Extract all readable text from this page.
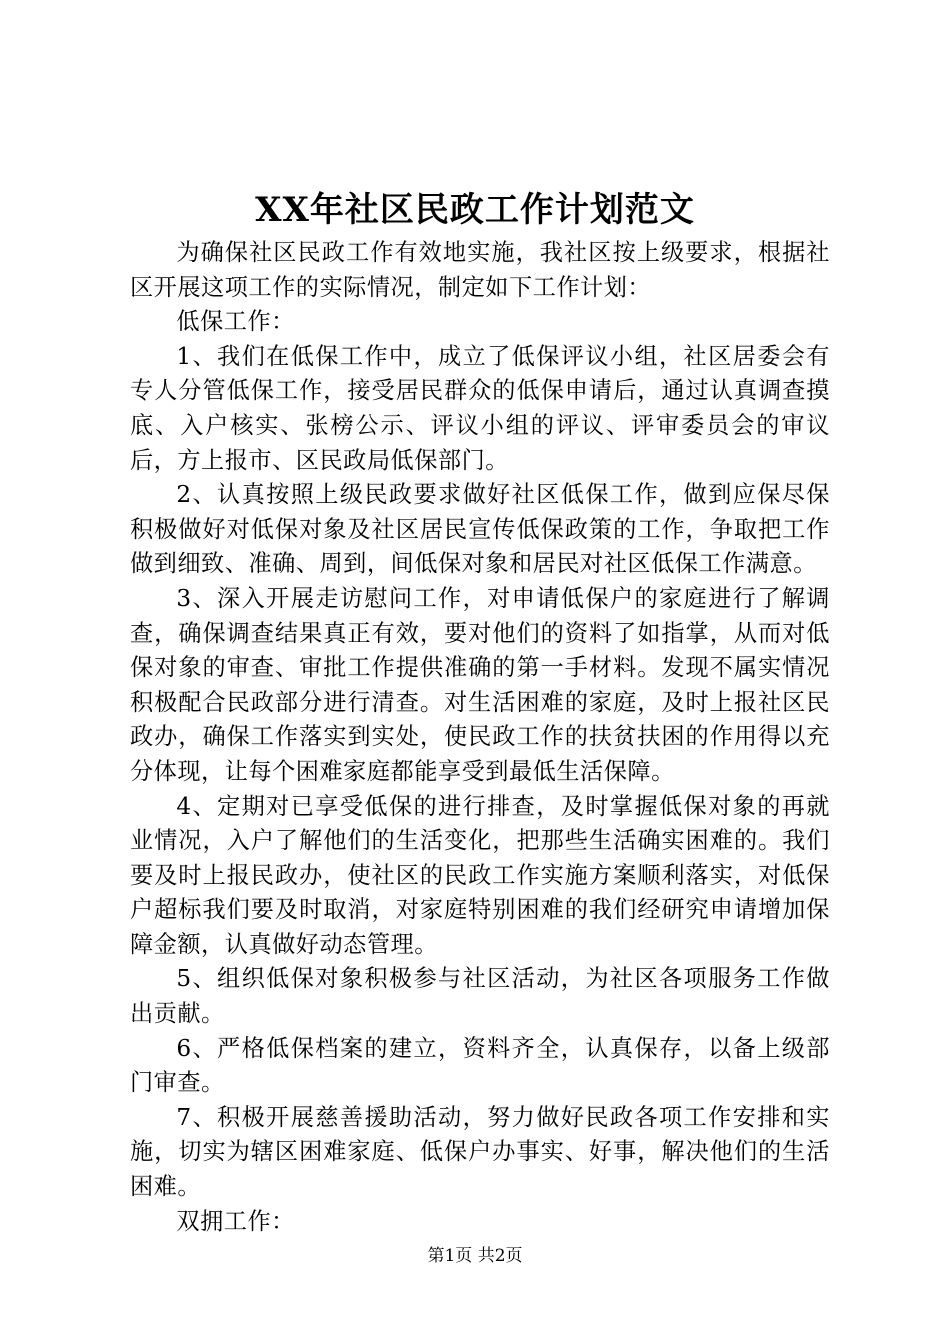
XX年社区民政工作计划范文

为确保社区民政工作有效地实施，我社区按上级要求，根据社区开展这项工作的实际情况，制定如下工作计划：

低保工作：

1、我们在低保工作中，成立了低保评议小组，社区居委会有专人分管低保工作，接受居民群众的低保申请后，通过认真调查摸底、入户核实、张榜公示、评议小组的评议、评审委员会的审议后，方上报市、区民政局低保部门。

2、认真按照上级民政要求做好社区低保工作，做到应保尽保积极做好对低保对象及社区居民宣传低保政策的工作，争取把工作做到细致、准确、周到，间低保对象和居民对社区低保工作满意。

3、深入开展走访慰问工作，对申请低保户的家庭进行了解调查，确保调查结果真正有效，要对他们的资料了如指掌，从而对低保对象的审查、审批工作提供准确的第一手材料。发现不属实情况积极配合民政部分进行清查。对生活困难的家庭，及时上报社区民政办，确保工作落实到实处，使民政工作的扶贫扶困的作用得以充分体现，让每个困难家庭都能享受到最低生活保障。

4、定期对已享受低保的进行排查，及时掌握低保对象的再就业情况，入户了解他们的生活变化，把那些生活确实困难的。我们要及时上报民政办，使社区的民政工作实施方案顺利落实，对低保户超标我们要及时取消，对家庭特别困难的我们经研究申请增加保障金额，认真做好动态管理。

5、组织低保对象积极参与社区活动，为社区各项服务工作做出贡献。

6、严格低保档案的建立，资料齐全，认真保存，以备上级部门审查。

7、积极开展慈善援助活动，努力做好民政各项工作安排和实施，切实为辖区困难家庭、低保户办事实、好事，解决他们的生活困难。

双拥工作：

第1页 共2页
